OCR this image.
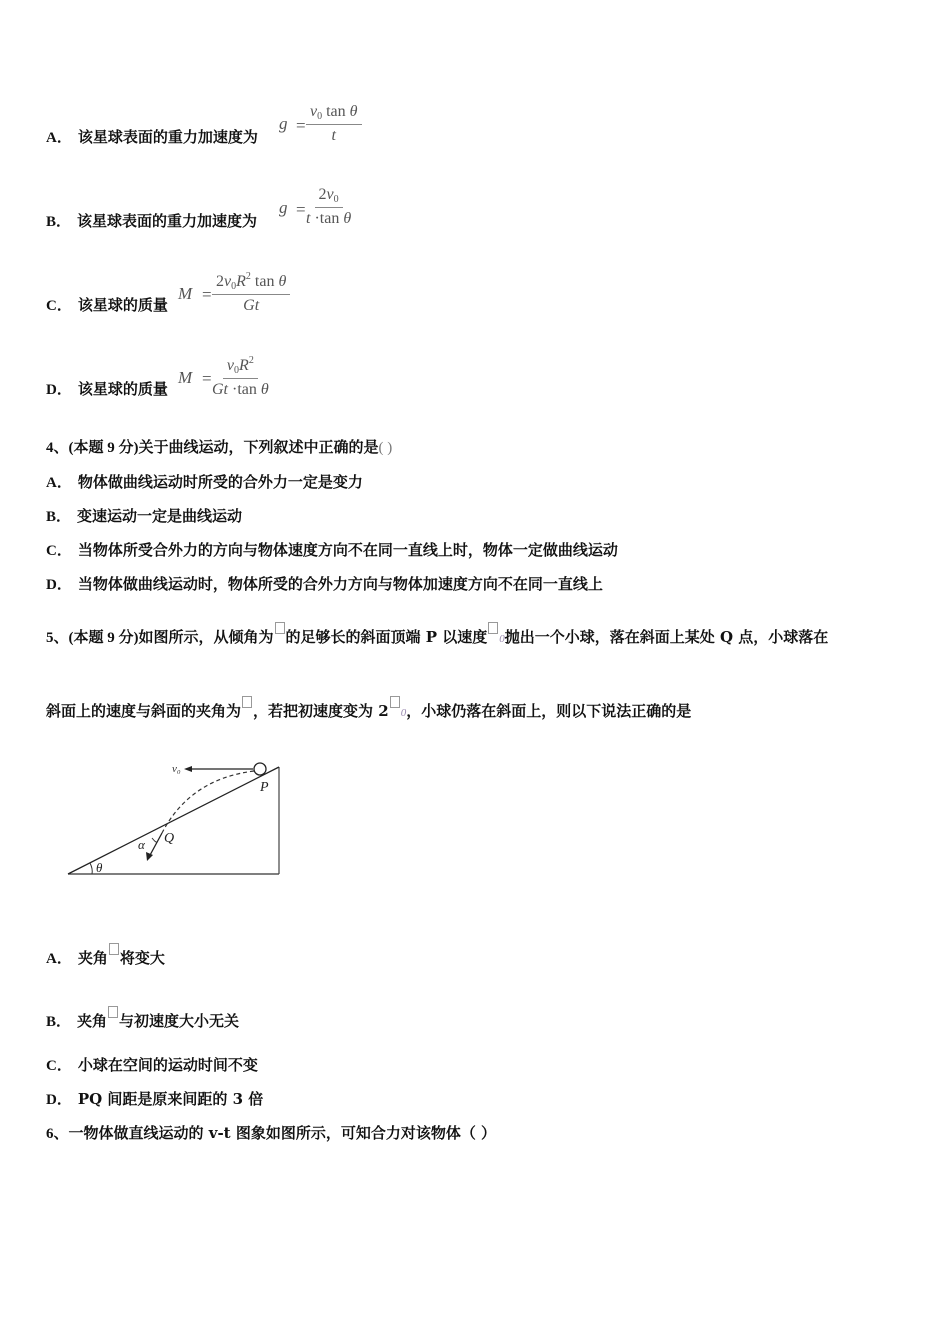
A． 该星球表面的重力加速度为
$g = \frac{v_0 \tan \theta}{t}$
B． 该星球表面的重力加速度为
$g = \frac{2v_0}{\text{t ·tan θ}}$
C． 该星球的质量
$M = \frac{2v_0R^2 \tan \theta}{Gt}$
D． 该星球的质量
$M = \frac{v_0R^2}{\text{Gt ·tan θ}}$
4、(本题 9 分)关于曲线运动，下列叙述中正确的是( )
A． 物体做曲线运动时所受的合外力一定是变力
B． 变速运动一定是曲线运动
C． 当物体所受合外力的方向与物体速度方向不在同一直线上时，物体一定做曲线运动
D． 当物体做曲线运动时，物体所受的合外力方向与物体加速度方向不在同一直线上
5、(本题 9 分)如图所示，从倾角为 的足够长的斜面顶端 P 以速度 0抛出一个小球，落在斜面上某处 Q 点，小球落在
斜面上的速度与斜面的夹角为 ，若把初速度变为 2 0，小球仍落在斜面上，则以下说法正确的是
v₀
P
Q
α
θ
A． 夹角 将变大
B． 夹角 与初速度大小无关
C． 小球在空间的运动时间不变
D． PQ 间距是原来间距的 3 倍
6、一物体做直线运动的 v-t 图象如图所示，可知合力对该物体（ ）
